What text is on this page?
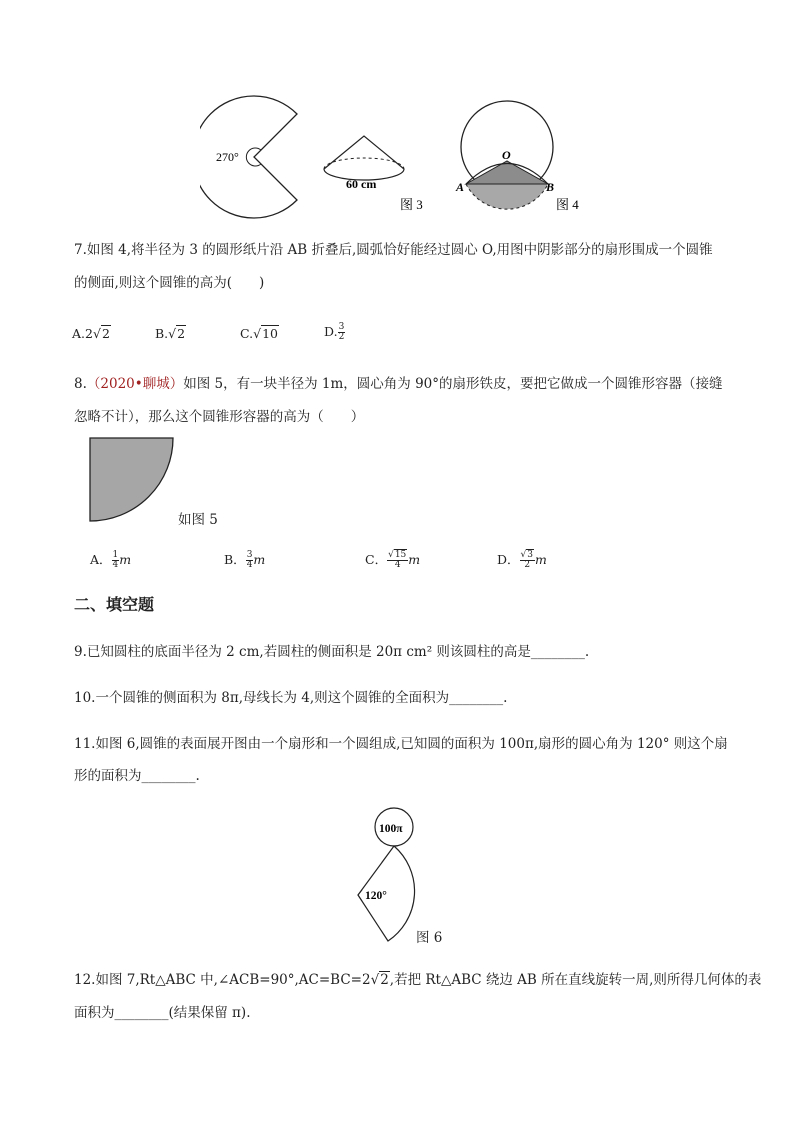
270°
60 cm
图 3
O
A	B
图 4
7.如图 4,将半径为 3 的圆形纸片沿 AB 折叠后,圆弧恰好能经过圆心 O,用图中阴影部分的扇形围成一个圆锥
的侧面,则这个圆锥的高为(　　)
A.2√2	B.√2	C.√10	D. $\frac{3}{2}$
8.（2020•聊城）如图 5，有一块半径为 1m，圆心角为 90°的扇形铁皮，要把它做成一个圆锥形容器（接缝
忽略不计），那么这个圆锥形容器的高为（　　）
如图 5
A． $\frac{1}{4}$ m	B． $\frac{3}{4}$ m	C． $\frac{√15}{4}$ m	D． $\frac{√3}{2}$ m
二、填空题
9.已知圆柱的底面半径为 2 cm,若圆柱的侧面积是 20π cm² 则该圆柱的高是________.
10.一个圆锥的侧面积为 8π,母线长为 4,则这个圆锥的全面积为________.
11.如图 6,圆锥的表面展开图由一个扇形和一个圆组成,已知圆的面积为 100π,扇形的圆心角为 120° 则这个扇
形的面积为________.
100π
120°
图 6
12.如图 7,Rt△ABC 中,∠ACB=90°,AC=BC=2√2,若把 Rt△ABC 绕边 AB 所在直线旋转一周,则所得几何体的表
面积为________(结果保留 π).
